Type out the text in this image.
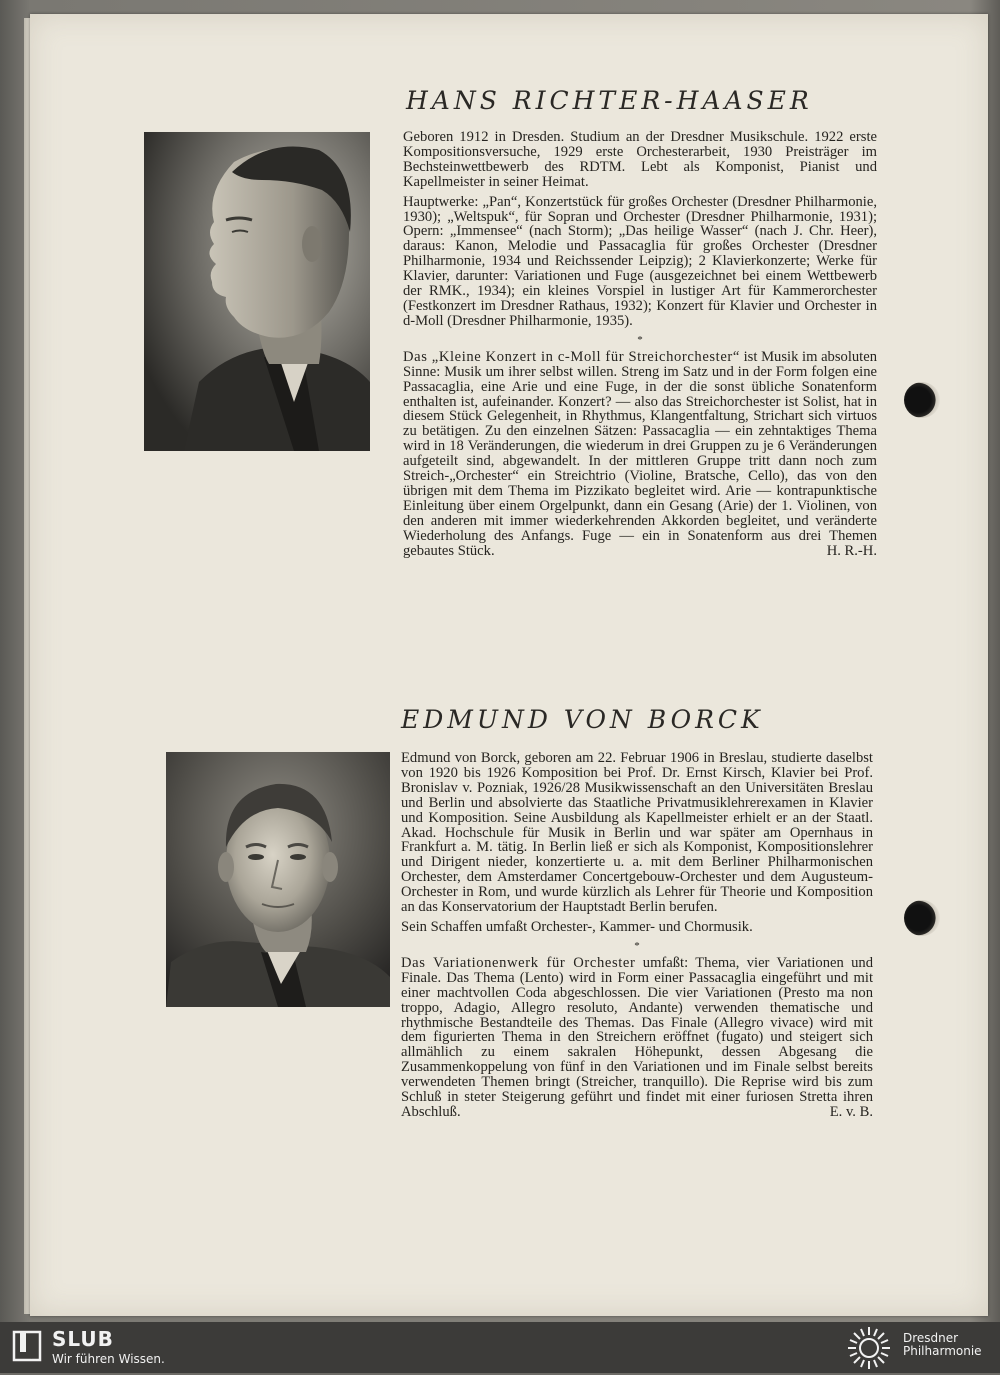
HANS RICHTER-HAASER

Geboren 1912 in Dresden. Studium an der Dresdner Musikschule. 1922 erste Kompositionsversuche, 1929 erste Orchesterarbeit, 1930 Preisträger im Bechsteinwettbewerb des RDTM. Lebt als Komponist, Pianist und Kapellmeister in seiner Heimat.

Hauptwerke: „Pan“, Konzertstück für großes Orchester (Dresdner Philharmonie, 1930); „Weltspuk“, für Sopran und Orchester (Dresdner Philharmonie, 1931); Opern: „Immensee“ (nach Storm); „Das heilige Wasser“ (nach J. Chr. Heer), daraus: Kanon, Melodie und Passacaglia für großes Orchester (Dresdner Philharmonie, 1934 und Reichssender Leipzig); 2 Klavierkonzerte; Werke für Klavier, darunter: Variationen und Fuge (ausgezeichnet bei einem Wettbewerb der RMK., 1934); ein kleines Vorspiel in lustiger Art für Kammerorchester (Festkonzert im Dresdner Rathaus, 1932); Konzert für Klavier und Orchester in d-Moll (Dresdner Philharmonie, 1935).

*

Das „Kleine Konzert in c-Moll für Streichorchester“ ist Musik im absoluten Sinne: Musik um ihrer selbst willen. Streng im Satz und in der Form folgen eine Passacaglia, eine Arie und eine Fuge, in der die sonst übliche Sonatenform enthalten ist, aufeinander. Konzert? — also das Streichorchester ist Solist, hat in diesem Stück Gelegenheit, in Rhythmus, Klangentfaltung, Strichart sich virtuos zu betätigen. Zu den einzelnen Sätzen: Passacaglia — ein zehntaktiges Thema wird in 18 Veränderungen, die wiederum in drei Gruppen zu je 6 Veränderungen aufgeteilt sind, abgewandelt. In der mittleren Gruppe tritt dann noch zum Streich-„Orchester“ ein Streichtrio (Violine, Bratsche, Cello), das von den übrigen mit dem Thema im Pizzikato begleitet wird. Arie — kontrapunktische Einleitung über einem Orgelpunkt, dann ein Gesang (Arie) der 1. Violinen, von den anderen mit immer wiederkehrenden Akkorden begleitet, und veränderte Wiederholung des Anfangs. Fuge — ein in Sonatenform aus drei Themen gebautes Stück.	H. R.-H.

EDMUND VON BORCK

Edmund von Borck, geboren am 22. Februar 1906 in Breslau, studierte daselbst von 1920 bis 1926 Komposition bei Prof. Dr. Ernst Kirsch, Klavier bei Prof. Bronislav v. Pozniak, 1926/28 Musikwissenschaft an den Universitäten Breslau und Berlin und absolvierte das Staatliche Privatmusiklehrerexamen in Klavier und Komposition. Seine Ausbildung als Kapellmeister erhielt er an der Staatl. Akad. Hochschule für Musik in Berlin und war später am Opernhaus in Frankfurt a. M. tätig. In Berlin ließ er sich als Komponist, Kompositionslehrer und Dirigent nieder, konzertierte u. a. mit dem Berliner Philharmonischen Orchester, dem Amsterdamer Concertgebouw-Orchester und dem Augusteum-Orchester in Rom, und wurde kürzlich als Lehrer für Theorie und Komposition an das Konservatorium der Hauptstadt Berlin berufen.

Sein Schaffen umfaßt Orchester-, Kammer- und Chormusik.

*

Das Variationenwerk für Orchester umfaßt: Thema, vier Variationen und Finale. Das Thema (Lento) wird in Form einer Passacaglia eingeführt und mit einer machtvollen Coda abgeschlossen. Die vier Variationen (Presto ma non troppo, Adagio, Allegro resoluto, Andante) verwenden thematische und rhythmische Bestandteile des Themas. Das Finale (Allegro vivace) wird mit dem figurierten Thema in den Streichern eröffnet (fugato) und steigert sich allmählich zu einem sakralen Höhepunkt, dessen Abgesang die Zusammenkoppelung von fünf in den Variationen und im Finale selbst bereits verwendeten Themen bringt (Streicher, tranquillo). Die Reprise wird bis zum Schluß in steter Steigerung geführt und findet mit einer furiosen Stretta ihren Abschluß.	E. v. B.

SLUB
Wir führen Wissen.
Dresdner
Philharmonie
